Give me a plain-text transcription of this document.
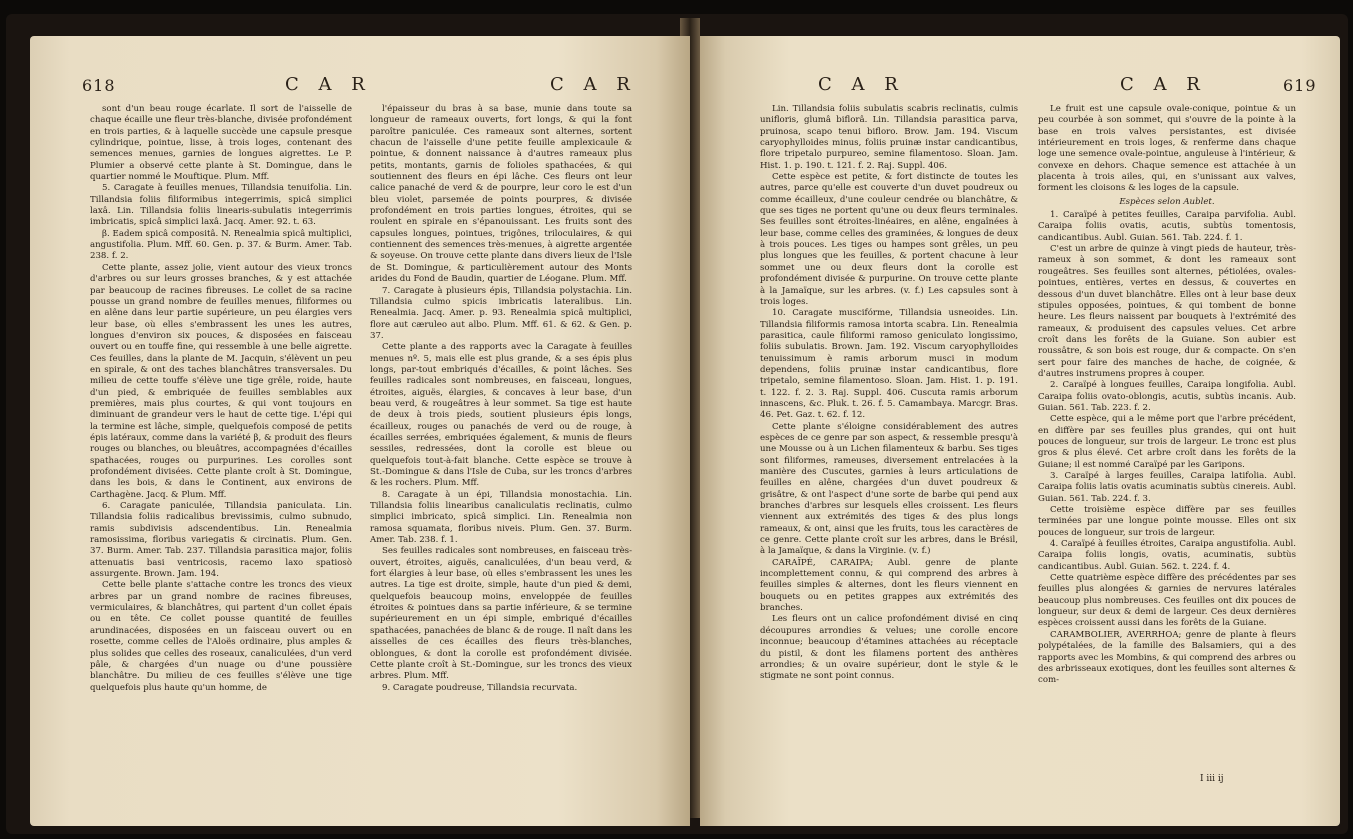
618	C A R	C A R

sont d'un beau rouge écarlate. Il sort de l'aisselle de chaque écaille une fleur très-blanche, divisée profondément en trois parties, & à laquelle succède une capsule presque cylindrique, pointue, lisse, à trois loges, contenant des semences menues, garnies de longues aigrettes. Le P. Plumier a observé cette plante à St. Domingue, dans le quartier nommé le Mouftique. Plum. Mff.

5. Caragate à feuilles menues, Tillandsia tenuifolia. Lin. Tillandsia foliis filiformibus integerrimis, spicâ simplici laxâ. Lin. Tillandsia foliis linearis-subulatis integerrimis imbricatis, spicâ simplici laxâ. Jacq. Amer. 92. t. 63.

β. Eadem spicâ compositâ. N. Renealmia spicâ multiplici, angustifolia. Plum. Mff. 60. Gen. p. 37. & Burm. Amer. Tab. 238. f. 2.

Cette plante, assez jolie, vient autour des vieux troncs d'arbres ou sur leurs grosses branches, & y est attachée par beaucoup de racines fibreuses. Le collet de sa racine pousse un grand nombre de feuilles menues, filiformes ou en alêne dans leur partie supérieure, un peu élargies vers leur base, où elles s'embrassent les unes les autres, longues d'environ six pouces, & disposées en faisceau ouvert ou en touffe fine, qui ressemble à une belle aigrette. Ces feuilles, dans la plante de M. Jacquin, s'élèvent un peu en spirale, & ont des taches blanchâtres transversales. Du milieu de cette touffe s'élève une tige grêle, roide, haute d'un pied, & embriquée de feuilles semblables aux premières, mais plus courtes, & qui vont toujours en diminuant de grandeur vers le haut de cette tige. L'épi qui la termine est lâche, simple, quelquefois composé de petits épis latéraux, comme dans la variété β, & produit des fleurs rouges ou blanches, ou bleuâtres, accompagnées d'écailles spathacées, rouges ou purpurines. Les corolles sont profondément divisées. Cette plante croît à St. Domingue, dans les bois, & dans le Continent, aux environs de Carthagène. Jacq. & Plum. Mff.

6. Caragate paniculée, Tillandsia paniculata. Lin. Tillandsia foliis radicalibus brevissimis, culmo subnudo, ramis subdivisis adscendentibus. Lin. Renealmia ramosissima, floribus variegatis & circinatis. Plum. Gen. 37. Burm. Amer. Tab. 237. Tillandsia parasitica major, foliis attenuatis basi ventricosis, racemo laxo spatiosò assurgente. Brown. Jam. 194.

Cette belle plante s'attache contre les troncs des vieux arbres par un grand nombre de racines fibreuses, vermiculaires, & blanchâtres, qui partent d'un collet épais ou en tête. Ce collet pousse quantité de feuilles arundinacées, disposées en un faisceau ouvert ou en rosette, comme celles de l'Aloës ordinaire, plus amples & plus solides que celles des roseaux, canaliculées, d'un verd pâle, & chargées d'un nuage ou d'une poussière blanchâtre. Du milieu de ces feuilles s'élève une tige quelquefois plus haute qu'un homme, de

l'épaisseur du bras à sa base, munie dans toute sa longueur de rameaux ouverts, fort longs, & qui la font paroître paniculée. Ces rameaux sont alternes, sortent chacun de l'aisselle d'une petite feuille amplexicaule & pointue, & donnent naissance à d'autres rameaux plus petits, montants, garnis de folioles spathacées, & qui soutiennent des fleurs en épi lâche. Ces fleurs ont leur calice panaché de verd & de pourpre, leur coro le est d'un bleu violet, parsemée de points pourpres, & divisée profondément en trois parties longues, étroites, qui se roulent en spirale en s'épanouissant. Les fruits sont des capsules longues, pointues, trigônes, triloculaires, & qui contiennent des semences très-menues, à aigrette argentée & soyeuse. On trouve cette plante dans divers lieux de l'Isle de St. Domingue, & particulièrement autour des Monts arides du Fond de Baudin, quartier de Léogane. Plum. Mff.

7. Caragate à plusieurs épis, Tillandsia polystachia. Lin. Tillandsia culmo spicis imbricatis lateralibus. Lin. Renealmia. Jacq. Amer. p. 93. Renealmia spicâ multiplici, flore aut cæruleo aut albo. Plum. Mff. 61. & 62. & Gen. p. 37.

Cette plante a des rapports avec la Caragate à feuilles menues nº. 5, mais elle est plus grande, & a ses épis plus longs, par-tout embriqués d'écailles, & point lâches. Ses feuilles radicales sont nombreuses, en faisceau, longues, étroites, aiguës, élargies, & concaves à leur base, d'un beau verd, & rougeâtres à leur sommet. Sa tige est haute de deux à trois pieds, soutient plusieurs épis longs, écailleux, rouges ou panachés de verd ou de rouge, à écailles serrées, embriquées également, & munis de fleurs sessiles, redressées, dont la corolle est bleue ou quelquefois tout-à-fait blanche. Cette espèce se trouve à St.-Domingue & dans l'Isle de Cuba, sur les troncs d'arbres & les rochers. Plum. Mff.

8. Caragate à un épi, Tillandsia monostachia. Lin. Tillandsia foliis linearibus canaliculatis reclinatis, culmo simplici imbricato, spicâ simplici. Lin. Renealmia non ramosa squamata, floribus niveis. Plum. Gen. 37. Burm. Amer. Tab. 238. f. 1.

Ses feuilles radicales sont nombreuses, en faisceau très-ouvert, étroites, aiguës, canaliculées, d'un beau verd, & fort élargies à leur base, où elles s'embrassent les unes les autres. La tige est droite, simple, haute d'un pied & demi, quelquefois beaucoup moins, enveloppée de feuilles étroites & pointues dans sa partie inférieure, & se termine supérieurement en un épi simple, embriqué d'écailles spathacées, panachées de blanc & de rouge. Il naît dans les aisselles de ces écailles des fleurs très-blanches, oblongues, & dont la corolle est profondément divisée. Cette plante croît à St.-Domingue, sur les troncs des vieux arbres. Plum. Mff.

9. Caragate poudreuse, Tillandsia recurvata.

C A R	C A R	619

Lin. Tillandsia foliis subulatis scabris reclinatis, culmis unifloris, glumâ biflorâ. Lin. Tillandsia parasitica parva, pruinosa, scapo tenui bifloro. Brow. Jam. 194. Viscum caryophylloides minus, foliis pruinæ instar candicantibus, flore tripetalo purpureo, semine filamentoso. Sloan. Jam. Hist. 1. p. 190. t. 121. f. 2. Raj. Suppl. 406.

Cette espèce est petite, & fort distincte de toutes les autres, parce qu'elle est couverte d'un duvet poudreux ou comme écailleux, d'une couleur cendrée ou blanchâtre, & que ses tiges ne portent qu'une ou deux fleurs terminales. Ses feuilles sont étroites-linéaires, en alêne, engaînées à leur base, comme celles des graminées, & longues de deux à trois pouces. Les tiges ou hampes sont grêles, un peu plus longues que les feuilles, & portent chacune à leur sommet une ou deux fleurs dont la corolle est profondément divisée & purpurine. On trouve cette plante à la Jamaïque, sur les arbres. (v. f.) Les capsules sont à trois loges.

10. Caragate muscifórme, Tillandsia usneoides. Lin. Tillandsia filiformis ramosa intorta scabra. Lin. Renealmia parasitica, caule filiformi ramoso geniculato longissimo, foliis subulatis. Brown. Jam. 192. Viscum caryophylloides tenuissimum è ramis arborum musci in modum dependens, foliis pruinæ instar candicantibus, flore tripetalo, semine filamentoso. Sloan. Jam. Hist. 1. p. 191. t. 122. f. 2. 3. Raj. Suppl. 406. Cuscuta ramis arborum innascens, &c. Pluk. t. 26. f. 5. Camambaya. Marcgr. Bras. 46. Pet. Gaz. t. 62. f. 12.

Cette plante s'éloigne considérablement des autres espèces de ce genre par son aspect, & ressemble presqu'à une Mousse ou à un Lichen filamenteux & barbu. Ses tiges sont filiformes, rameuses, diversement entrelacées à la manière des Cuscutes, garnies à leurs articulations de feuilles en alêne, chargées d'un duvet poudreux & grisâtre, & ont l'aspect d'une sorte de barbe qui pend aux branches d'arbres sur lesquels elles croissent. Les fleurs viennent aux extrémités des tiges & des plus longs rameaux, & ont, ainsi que les fruits, tous les caractères de ce genre. Cette plante croît sur les arbres, dans le Brésil, à la Jamaïque, & dans la Virginie. (v. f.)

CARAÏPÉ, CARAIPA; Aubl. genre de plante incomplettement connu, & qui comprend des arbres à feuilles simples & alternes, dont les fleurs viennent en bouquets ou en petites grappes aux extrémités des branches.

Les fleurs ont un calice profondément divisé en cinq découpures arrondies & velues; une corolle encore inconnue; beaucoup d'étamines attachées au réceptacle du pistil, & dont les filamens portent des anthères arrondies; & un ovaire supérieur, dont le style & le stigmate ne sont point connus.

Le fruit est une capsule ovale-conique, pointue & un peu courbée à son sommet, qui s'ouvre de la pointe à la base en trois valves persistantes, est divisée intérieurement en trois loges, & renferme dans chaque loge une semence ovale-pointue, anguleuse à l'intérieur, & convexe en dehors. Chaque semence est attachée à un placenta à trois ailes, qui, en s'unissant aux valves, forment les cloisons & les loges de la capsule.

Espèces selon Aublet.

1. Caraïpé à petites feuilles, Caraipa parvifolia. Aubl. Caraipa foliis ovatis, acutis, subtùs tomentosis, candicantibus. Aubl. Guian. 561. Tab. 224. f. 1.

C'est un arbre de quinze à vingt pieds de hauteur, très-rameux à son sommet, & dont les rameaux sont rougeâtres. Ses feuilles sont alternes, pétiolées, ovales-pointues, entières, vertes en dessus, & couvertes en dessous d'un duvet blanchâtre. Elles ont à leur base deux stipules opposées, pointues, & qui tombent de bonne heure. Les fleurs naissent par bouquets à l'extrémité des rameaux, & produisent des capsules velues. Cet arbre croît dans les forêts de la Guiane. Son aubier est roussâtre, & son bois est rouge, dur & compacte. On s'en sert pour faire des manches de hache, de coignée, & d'autres instrumens propres à couper.

2. Caraïpé à longues feuilles, Caraipa longifolia. Aubl. Caraipa foliis ovato-oblongis, acutis, subtùs incanis. Aub. Guian. 561. Tab. 223. f. 2.

Cette espèce, qui a le même port que l'arbre précédent, en diffère par ses feuilles plus grandes, qui ont huit pouces de longueur, sur trois de largeur. Le tronc est plus gros & plus élevé. Cet arbre croît dans les forêts de la Guiane; il est nommé Caraïpé par les Garipons.

3. Caraïpé à larges feuilles, Caraipa latifolia. Aubl. Caraipa foliis latis ovatis acuminatis subtùs cinereis. Aubl. Guian. 561. Tab. 224. f. 3.

Cette troisième espèce diffère par ses feuilles terminées par une longue pointe mousse. Elles ont six pouces de longueur, sur trois de largeur.

4. Caraïpé à feuilles étroites, Caraipa angustifolia. Aubl. Caraipa foliis longis, ovatis, acuminatis, subtùs candicantibus. Aubl. Guian. 562. t. 224. f. 4.

Cette quatrième espèce diffère des précédentes par ses feuilles plus alongées & garnies de nervures latérales beaucoup plus nombreuses. Ces feuilles ont dix pouces de longueur, sur deux & demi de largeur. Ces deux dernières espèces croissent aussi dans les forêts de la Guiane.

CARAMBOLIER, AVERRHOA; genre de plante à fleurs polypétalées, de la famille des Balsamiers, qui a des rapports avec les Mombins, & qui comprend des arbres ou des arbrisseaux exotiques, dont les feuilles sont alternes & com-

I iii ij
